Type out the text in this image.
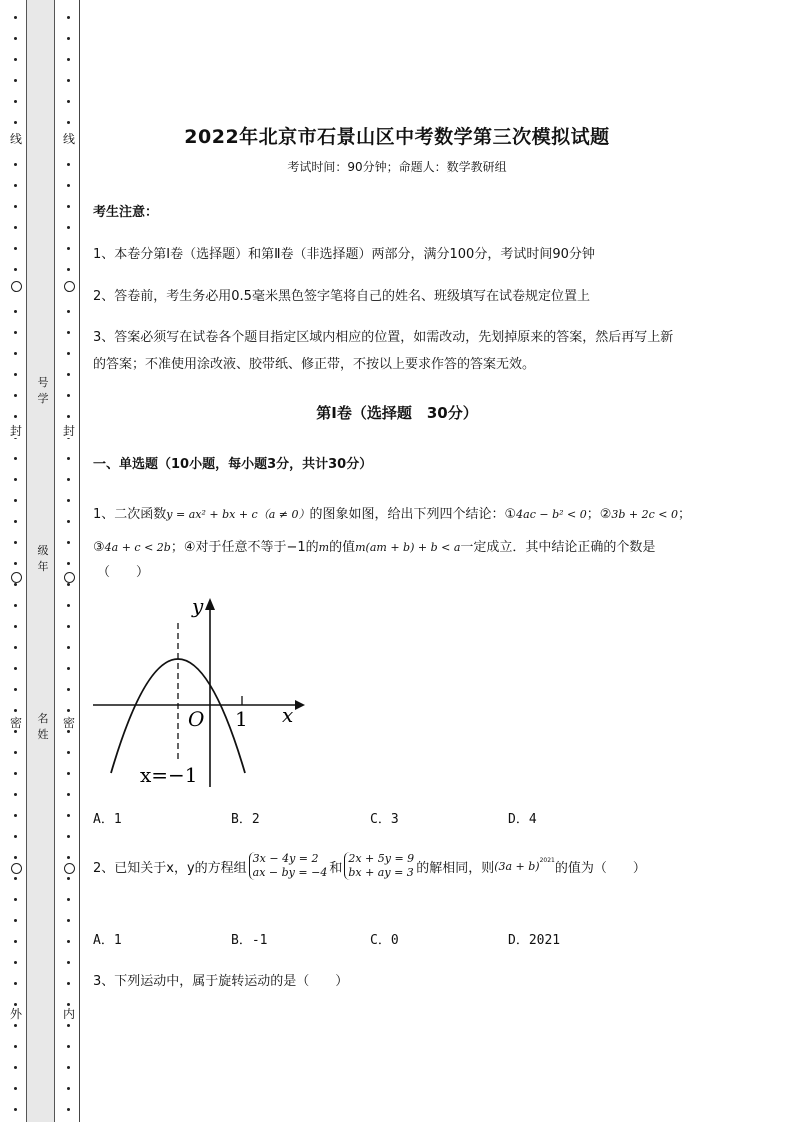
线
封
密
外
线
封
密
内
号学
级年
名姓
2022年北京市石景山区中考数学第三次模拟试题
考试时间：90分钟；命题人：数学教研组
考生注意：
1、本卷分第I卷（选择题）和第Ⅱ卷（非选择题）两部分，满分100分，考试时间90分钟
2、答卷前，考生务必用0.5毫米黑色签字笔将自己的姓名、班级填写在试卷规定位置上
3、答案必须写在试卷各个题目指定区域内相应的位置，如需改动，先划掉原来的答案，然后再写上新
的答案；不准使用涂改液、胶带纸、修正带，不按以上要求作答的答案无效。
第I卷（选择题　30分）
一、单选题（10小题，每小题3分，共计30分）
1、二次函数y = ax² + bx + c（a ≠ 0）的图象如图，给出下列四个结论：①4ac − b² < 0；②3b + 2c < 0；
③4a + c < 2b；④对于任意不等于−1的m的值m(am + b) + b < a一定成立．其中结论正确的个数是
（　　）
y
x
O 1
x=−1
A．1	B．2	C．3	D．4
2、已知关于x，y的方程组
3x − 4y = 2
ax − by = −4 和
2x + 5y = 9
bx + ay = 3 的解相同，则 $(3a + b)^{2021}$
的值为（　　）
A．1	B．-1	C．0	D．2021
3、下列运动中，属于旋转运动的是（　　）
